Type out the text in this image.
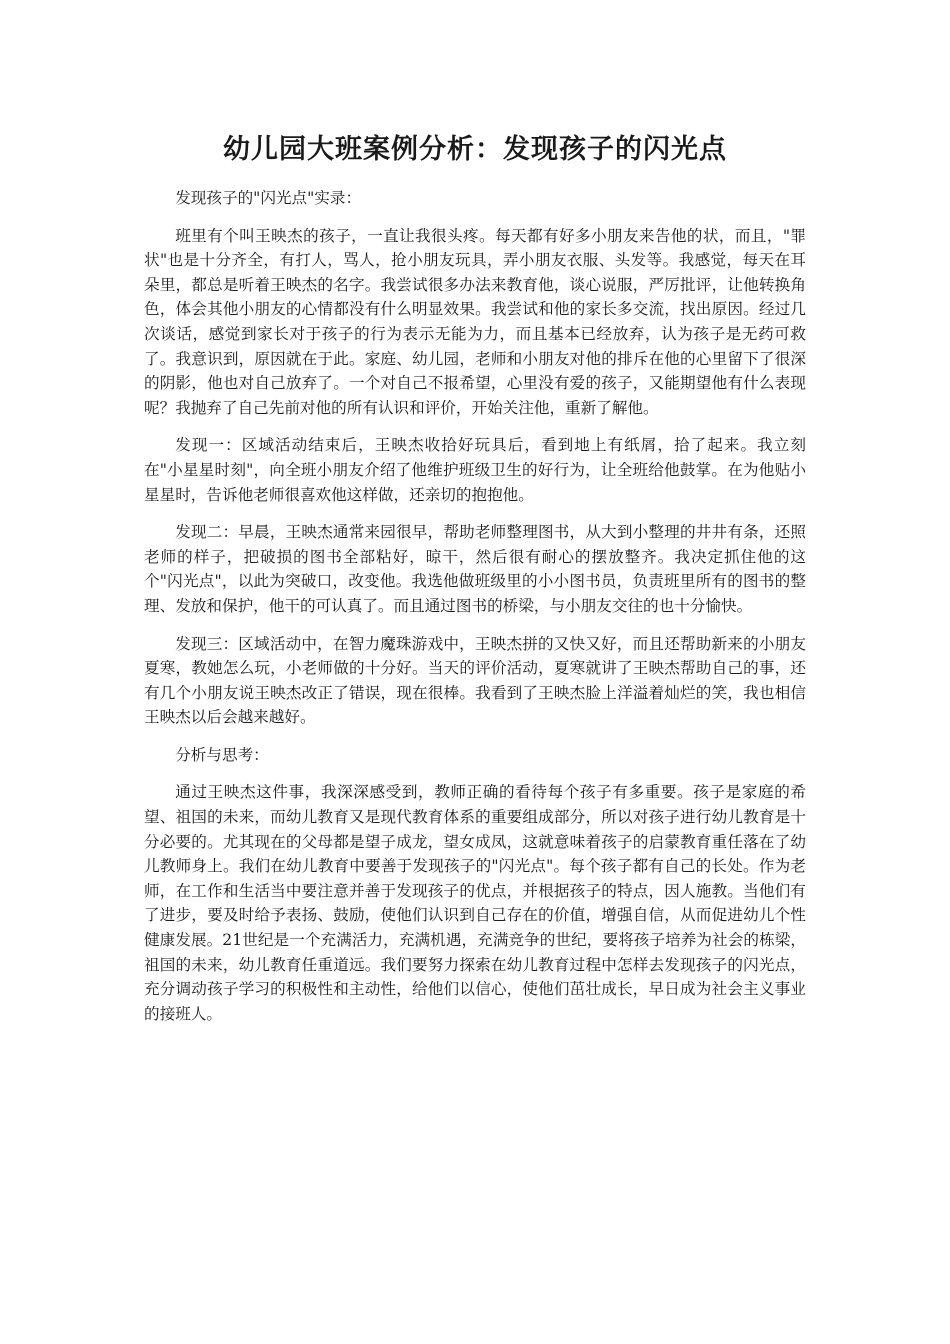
幼儿园大班案例分析：发现孩子的闪光点

发现孩子的"闪光点"实录：

班里有个叫王映杰的孩子，一直让我很头疼。每天都有好多小朋友来告他的状，而且，"罪状"也是十分齐全，有打人，骂人，抢小朋友玩具，弄小朋友衣服、头发等。我感觉，每天在耳朵里，都总是听着王映杰的名字。我尝试很多办法来教育他，谈心说服，严厉批评，让他转换角色，体会其他小朋友的心情都没有什么明显效果。我尝试和他的家长多交流，找出原因。经过几次谈话，感觉到家长对于孩子的行为表示无能为力，而且基本已经放弃，认为孩子是无药可救了。我意识到，原因就在于此。家庭、幼儿园，老师和小朋友对他的排斥在他的心里留下了很深的阴影，他也对自己放弃了。一个对自己不报希望，心里没有爱的孩子，又能期望他有什么表现呢？我抛弃了自己先前对他的所有认识和评价，开始关注他，重新了解他。

发现一：区域活动结束后，王映杰收拾好玩具后，看到地上有纸屑，拾了起来。我立刻在"小星星时刻"，向全班小朋友介绍了他维护班级卫生的好行为，让全班给他鼓掌。在为他贴小星星时，告诉他老师很喜欢他这样做，还亲切的抱抱他。

发现二：早晨，王映杰通常来园很早，帮助老师整理图书，从大到小整理的井井有条，还照老师的样子，把破损的图书全部粘好，晾干，然后很有耐心的摆放整齐。我决定抓住他的这个"闪光点"，以此为突破口，改变他。我选他做班级里的小小图书员，负责班里所有的图书的整理、发放和保护，他干的可认真了。而且通过图书的桥梁，与小朋友交往的也十分愉快。

发现三：区域活动中，在智力魔珠游戏中，王映杰拼的又快又好，而且还帮助新来的小朋友夏寒，教她怎么玩，小老师做的十分好。当天的评价活动，夏寒就讲了王映杰帮助自己的事，还有几个小朋友说王映杰改正了错误，现在很棒。我看到了王映杰脸上洋溢着灿烂的笑，我也相信王映杰以后会越来越好。

分析与思考：

通过王映杰这件事，我深深感受到，教师正确的看待每个孩子有多重要。孩子是家庭的希望、祖国的未来，而幼儿教育又是现代教育体系的重要组成部分，所以对孩子进行幼儿教育是十分必要的。尤其现在的父母都是望子成龙，望女成凤，这就意味着孩子的启蒙教育重任落在了幼儿教师身上。我们在幼儿教育中要善于发现孩子的"闪光点"。每个孩子都有自己的长处。作为老师，在工作和生活当中要注意并善于发现孩子的优点，并根据孩子的特点，因人施教。当他们有了进步，要及时给予表扬、鼓励，使他们认识到自己存在的价值，增强自信，从而促进幼儿个性健康发展。21世纪是一个充满活力，充满机遇，充满竞争的世纪，要将孩子培养为社会的栋梁，祖国的未来，幼儿教育任重道远。我们要努力探索在幼儿教育过程中怎样去发现孩子的闪光点，充分调动孩子学习的积极性和主动性，给他们以信心，使他们茁壮成长，早日成为社会主义事业的接班人。
